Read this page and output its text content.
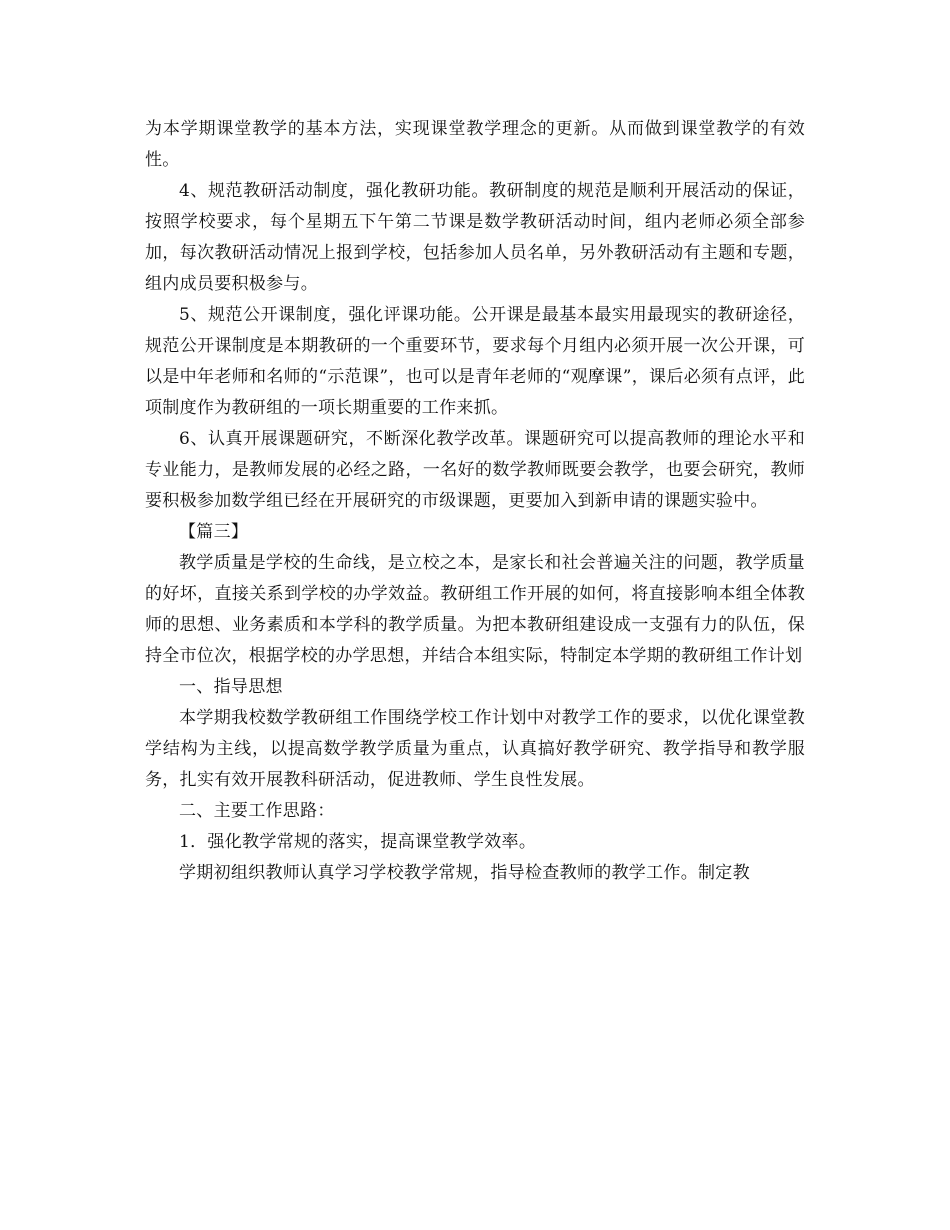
为本学期课堂教学的基本方法，实现课堂教学理念的更新。从而做到课堂教学的有效性。

4、规范教研活动制度，强化教研功能。教研制度的规范是顺利开展活动的保证，按照学校要求，每个星期五下午第二节课是数学教研活动时间，组内老师必须全部参加，每次教研活动情况上报到学校，包括参加人员名单，另外教研活动有主题和专题，组内成员要积极参与。

5、规范公开课制度，强化评课功能。公开课是最基本最实用最现实的教研途径，规范公开课制度是本期教研的一个重要环节，要求每个月组内必须开展一次公开课，可以是中年老师和名师的“示范课”，也可以是青年老师的“观摩课”，课后必须有点评，此项制度作为教研组的一项长期重要的工作来抓。

6、认真开展课题研究，不断深化教学改革。课题研究可以提高教师的理论水平和专业能力，是教师发展的必经之路，一名好的数学教师既要会教学，也要会研究，教师要积极参加数学组已经在开展研究的市级课题，更要加入到新申请的课题实验中。

【篇三】

教学质量是学校的生命线，是立校之本，是家长和社会普遍关注的问题，教学质量的好坏，直接关系到学校的办学效益。教研组工作开展的如何，将直接影响本组全体教师的思想、业务素质和本学科的教学质量。为把本教研组建设成一支强有力的队伍，保持全市位次，根据学校的办学思想，并结合本组实际，特制定本学期的教研组工作计划

一、指导思想

本学期我校数学教研组工作围绕学校工作计划中对教学工作的要求，以优化课堂教学结构为主线，以提高数学教学质量为重点，认真搞好教学研究、教学指导和教学服务，扎实有效开展教科研活动，促进教师、学生良性发展。

二、主要工作思路：

1．强化教学常规的落实，提高课堂教学效率。

学期初组织教师认真学习学校教学常规，指导检查教师的教学工作。制定教
